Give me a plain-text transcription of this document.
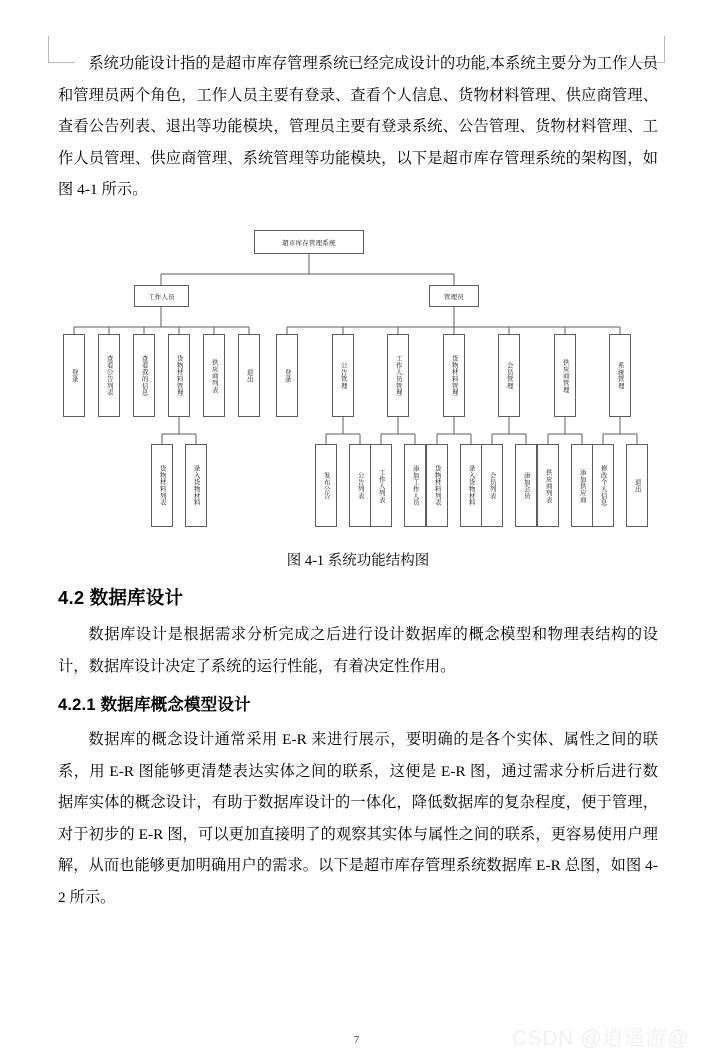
系统功能设计指的是超市库存管理系统已经完成设计的功能,本系统主要分为工作人员和管理员两个角色，工作人员主要有登录、查看个人信息、货物材料管理、供应商管理、查看公告列表、退出等功能模块，管理员主要有登录系统、公告管理、货物材料管理、工作人员管理、供应商管理、系统管理等功能模块，以下是超市库存管理系统的架构图，如图 4-1 所示。

超市库存管理系统
工作人员	管理员
登录	查看公告列表	查看我的信息	货物材料管理	供应商列表	退出	登录	公告管理	工作人员管理	货物材料管理	会员管理	供应商管理	系统管理
货物材料列表	录入货物材料	发布公告	公告列表 工作人列表	添加工作人员 货物材料列表	录入货物材料 会员列表	添加会员 供应商列表	添加供应商 修改个人信息	退出

图 4-1 系统功能结构图

4.2 数据库设计

数据库设计是根据需求分析完成之后进行设计数据库的概念模型和物理表结构的设计，数据库设计决定了系统的运行性能，有着决定性作用。

4.2.1 数据库概念模型设计

数据库的概念设计通常采用 E-R 来进行展示，要明确的是各个实体、属性之间的联系，用 E-R 图能够更清楚表达实体之间的联系，这便是 E-R 图，通过需求分析后进行数据库实体的概念设计，有助于数据库设计的一体化，降低数据库的复杂程度，便于管理，对于初步的 E-R 图，可以更加直接明了的观察其实体与属性之间的联系，更容易使用户理解，从而也能够更加明确用户的需求。以下是超市库存管理系统数据库 E-R 总图，如图 4-2 所示。

7	CSDN @逍遥游@
